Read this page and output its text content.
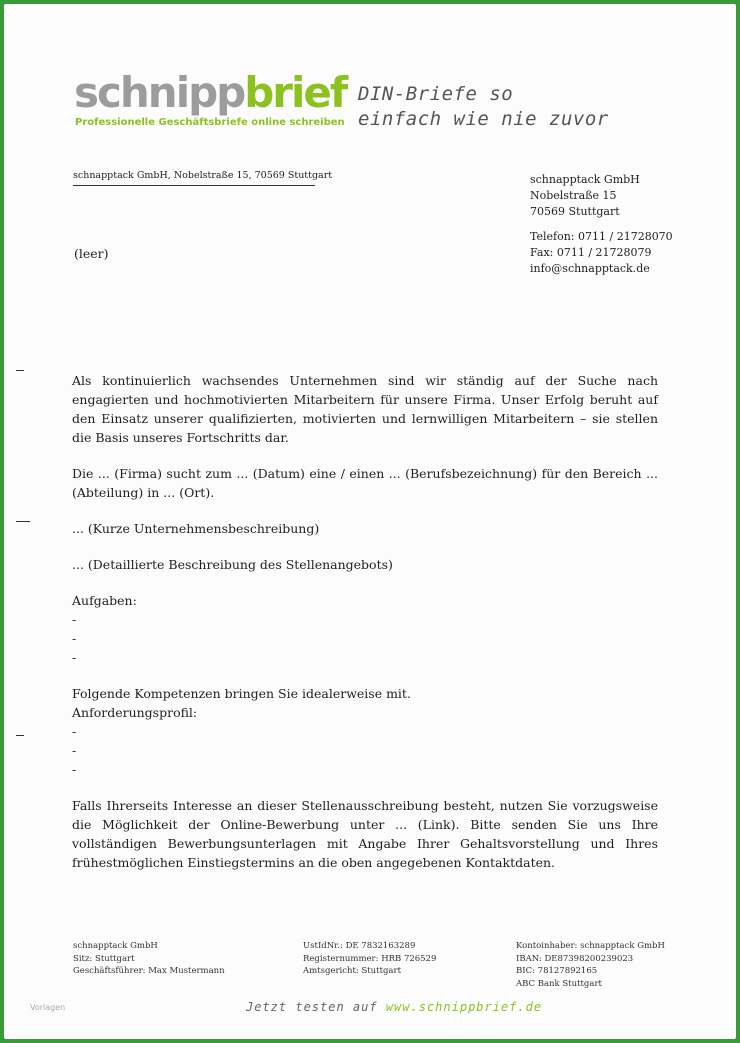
schnippbrief
Professionelle Geschäftsbriefe online schreiben
DIN-Briefe so
einfach wie nie zuvor
schnapptack GmbH, Nobelstraße 15, 70569 Stuttgart
(leer)
schnapptack GmbH
Nobelstraße 15
70569 Stuttgart
Telefon: 0711 / 21728070
Fax: 0711 / 21728079
info@schnapptack.de

Als kontinuierlich wachsendes Unternehmen sind wir ständig auf der Suche nach engagierten und hochmotivierten Mitarbeitern für unsere Firma. Unser Erfolg beruht auf den Einsatz unserer qualifizierten, motivierten und lernwilligen Mitarbeitern – sie stellen die Basis unseres Fortschritts dar.

Die ... (Firma) sucht zum ... (Datum) eine / einen ... (Berufsbezeichnung) für den Bereich ... (Abteilung) in ... (Ort).

... (Kurze Unternehmensbeschreibung)

... (Detaillierte Beschreibung des Stellenangebots)

Aufgaben:
-
-
-
Folgende Kompetenzen bringen Sie idealerweise mit.
Anforderungsprofil:
-
-
-

Falls Ihrerseits Interesse an dieser Stellenausschreibung besteht, nutzen Sie vorzugsweise die Möglichkeit der Online-Bewerbung unter ... (Link). Bitte senden Sie uns Ihre vollständigen Bewerbungsunterlagen mit Angabe Ihrer Gehaltsvorstellung und Ihres frühestmöglichen Einstiegstermins an die oben angegebenen Kontaktdaten.

schnapptack GmbH
Sitz: Stuttgart
Geschäftsführer: Max Mustermann
UstIdNr.: DE 7832163289
Registernummer: HRB 726529
Amtsgericht: Stuttgart
Kontoinhaber: schnapptack GmbH
IBAN: DE87398200239023
BIC: 78127892165
ABC Bank Stuttgart
Vorlagen	Jetzt testen auf www.schnippbrief.de
